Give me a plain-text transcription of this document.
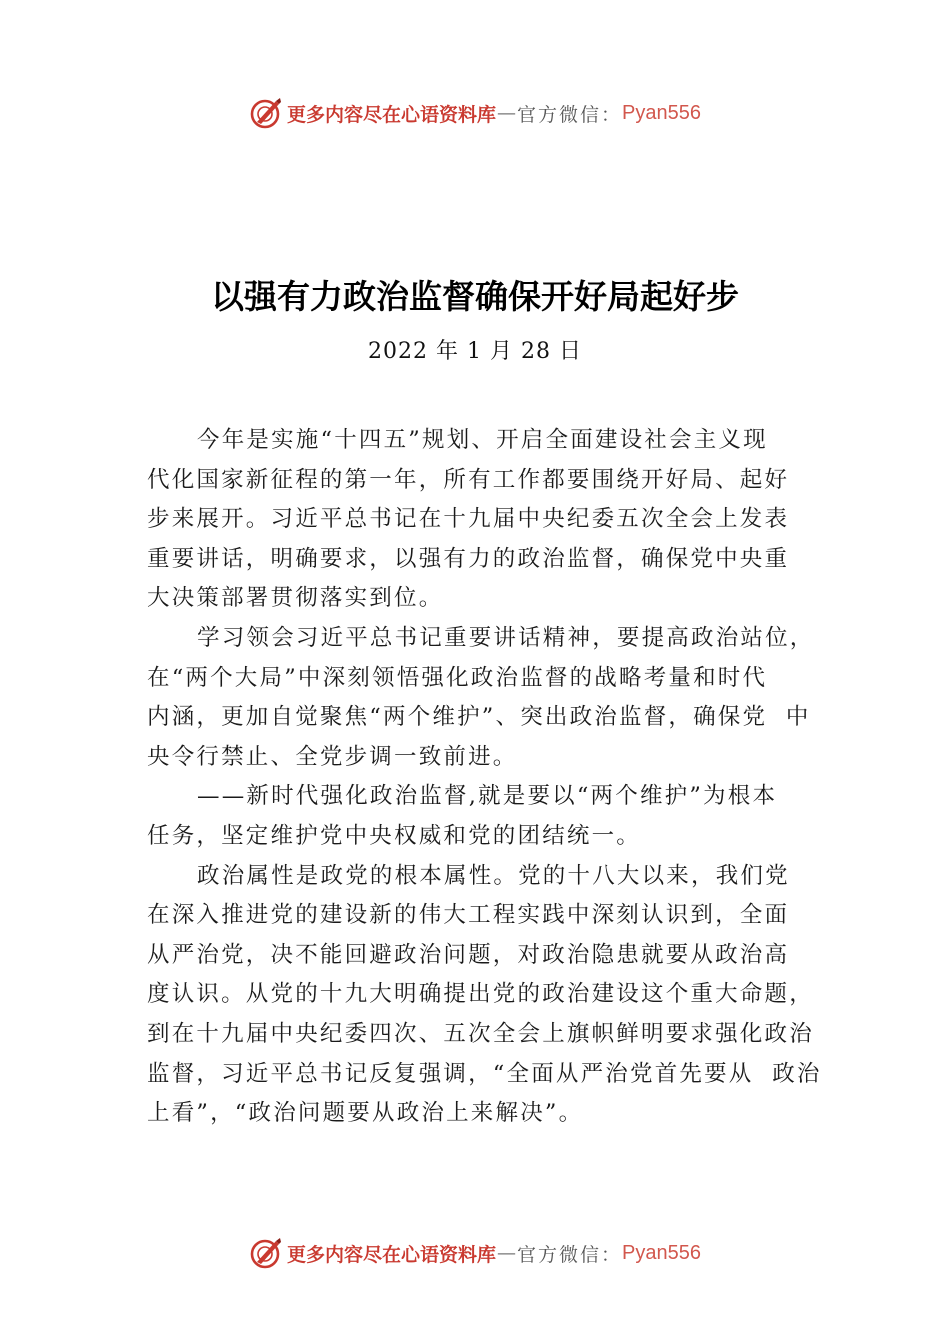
更多内容尽在心语资料库 — 官方微信： Pyan556
以强有力政治监督确保开好局起好步
2022 年 1 月 28 日
今年是实施“十四五”规划、开启全面建设社会主义现
代化国家新征程的第一年，所有工作都要围绕开好局、起好
步来展开。习近平总书记在十九届中央纪委五次全会上发表
重要讲话，明确要求，以强有力的政治监督，确保党中央重
大决策部署贯彻落实到位。
学习领会习近平总书记重要讲话精神，要提高政治站位，
在“两个大局”中深刻领悟强化政治监督的战略考量和时代
内涵，更加自觉聚焦“两个维护”、突出政治监督，确保党  中
央令行禁止、全党步调一致前进。
——新时代强化政治监督,就是要以“两个维护”为根本
任务，坚定维护党中央权威和党的团结统一。
政治属性是政党的根本属性。党的十八大以来，我们党
在深入推进党的建设新的伟大工程实践中深刻认识到，全面
从严治党，决不能回避政治问题，对政治隐患就要从政治高
度认识。从党的十九大明确提出党的政治建设这个重大命题，
到在十九届中央纪委四次、五次全会上旗帜鲜明要求强化政治
监督，习近平总书记反复强调，“全面从严治党首先要从  政治
上看”，“政治问题要从政治上来解决”。
更多内容尽在心语资料库 — 官方微信： Pyan556
